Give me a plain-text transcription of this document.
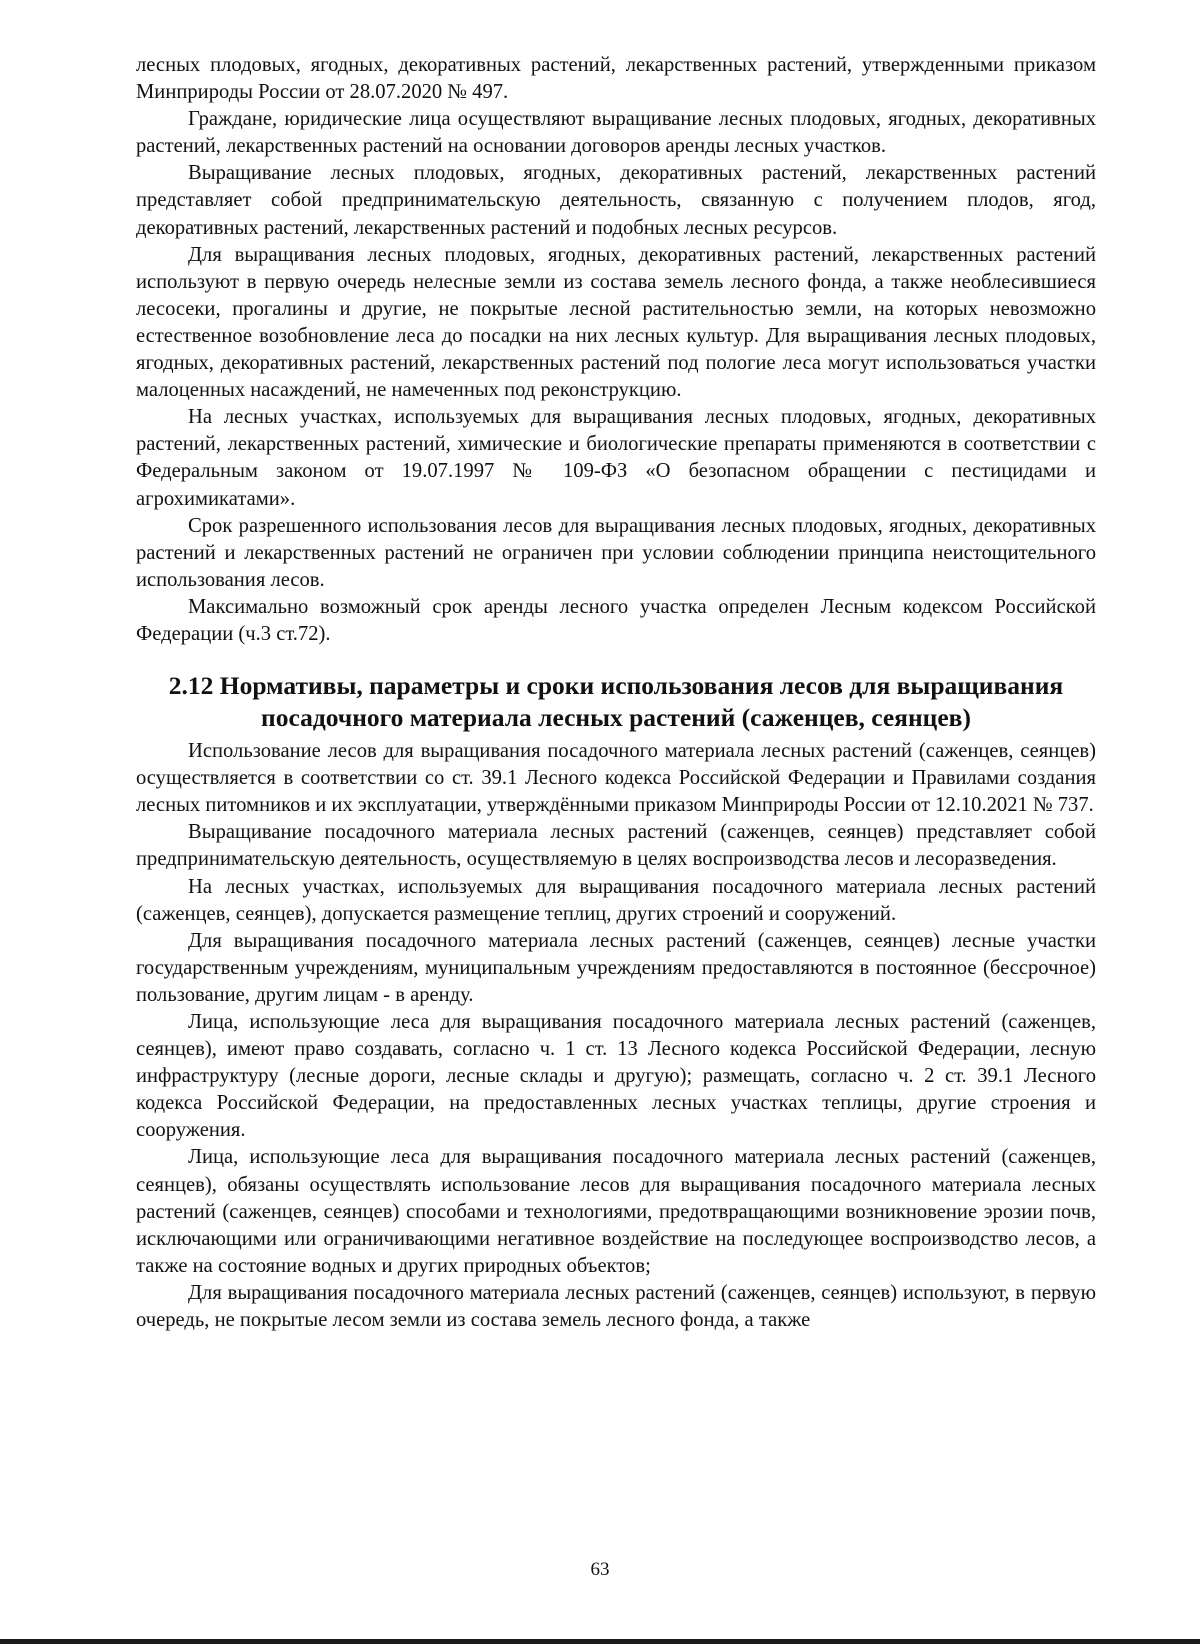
лесных плодовых, ягодных, декоративных растений, лекарственных растений, утвержденными приказом Минприроды России от 28.07.2020 № 497.

Граждане, юридические лица осуществляют выращивание лесных плодовых, ягодных, декоративных растений, лекарственных растений на основании договоров аренды лесных участков.

Выращивание лесных плодовых, ягодных, декоративных растений, лекарственных растений представляет собой предпринимательскую деятельность, связанную с получением плодов, ягод, декоративных растений, лекарственных растений и подобных лесных ресурсов.

Для выращивания лесных плодовых, ягодных, декоративных растений, лекарственных растений используют в первую очередь нелесные земли из состава земель лесного фонда, а также необлесившиеся лесосеки, прогалины и другие, не покрытые лесной растительностью земли, на которых невозможно естественное возобновление леса до посадки на них лесных культур. Для выращивания лесных плодовых, ягодных, декоративных растений, лекарственных растений под пологие леса могут использоваться участки малоценных насаждений, не намеченных под реконструкцию.

На лесных участках, используемых для выращивания лесных плодовых, ягодных, декоративных растений, лекарственных растений, химические и биологические препараты применяются в соответствии с Федеральным законом от 19.07.1997 № 109-ФЗ «О безопасном обращении с пестицидами и агрохимикатами».

Срок разрешенного использования лесов для выращивания лесных плодовых, ягодных, декоративных растений и лекарственных растений не ограничен при условии соблюдении принципа неистощительного использования лесов.

Максимально возможный срок аренды лесного участка определен Лесным кодексом Российской Федерации (ч.3 ст.72).

2.12 Нормативы, параметры и сроки использования лесов для выращивания посадочного материала лесных растений (саженцев, сеянцев)

Использование лесов для выращивания посадочного материала лесных растений (саженцев, сеянцев) осуществляется в соответствии со ст. 39.1 Лесного кодекса Российской Федерации и Правилами создания лесных питомников и их эксплуатации, утверждёнными приказом Минприроды России от 12.10.2021 № 737.

Выращивание посадочного материала лесных растений (саженцев, сеянцев) представляет собой предпринимательскую деятельность, осуществляемую в целях воспроизводства лесов и лесоразведения.

На лесных участках, используемых для выращивания посадочного материала лесных растений (саженцев, сеянцев), допускается размещение теплиц, других строений и сооружений.

Для выращивания посадочного материала лесных растений (саженцев, сеянцев) лесные участки государственным учреждениям, муниципальным учреждениям предоставляются в постоянное (бессрочное) пользование, другим лицам - в аренду.

Лица, использующие леса для выращивания посадочного материала лесных растений (саженцев, сеянцев), имеют право создавать, согласно ч. 1 ст. 13 Лесного кодекса Российской Федерации, лесную инфраструктуру (лесные дороги, лесные склады и другую); размещать, согласно ч. 2 ст. 39.1 Лесного кодекса Российской Федерации, на предоставленных лесных участках теплицы, другие строения и сооружения.

Лица, использующие леса для выращивания посадочного материала лесных растений (саженцев, сеянцев), обязаны осуществлять использование лесов для выращивания посадочного материала лесных растений (саженцев, сеянцев) способами и технологиями, предотвращающими возникновение эрозии почв, исключающими или ограничивающими негативное воздействие на последующее воспроизводство лесов, а также на состояние водных и других природных объектов;

Для выращивания посадочного материала лесных растений (саженцев, сеянцев) используют, в первую очередь, не покрытые лесом земли из состава земель лесного фонда, а также

63
